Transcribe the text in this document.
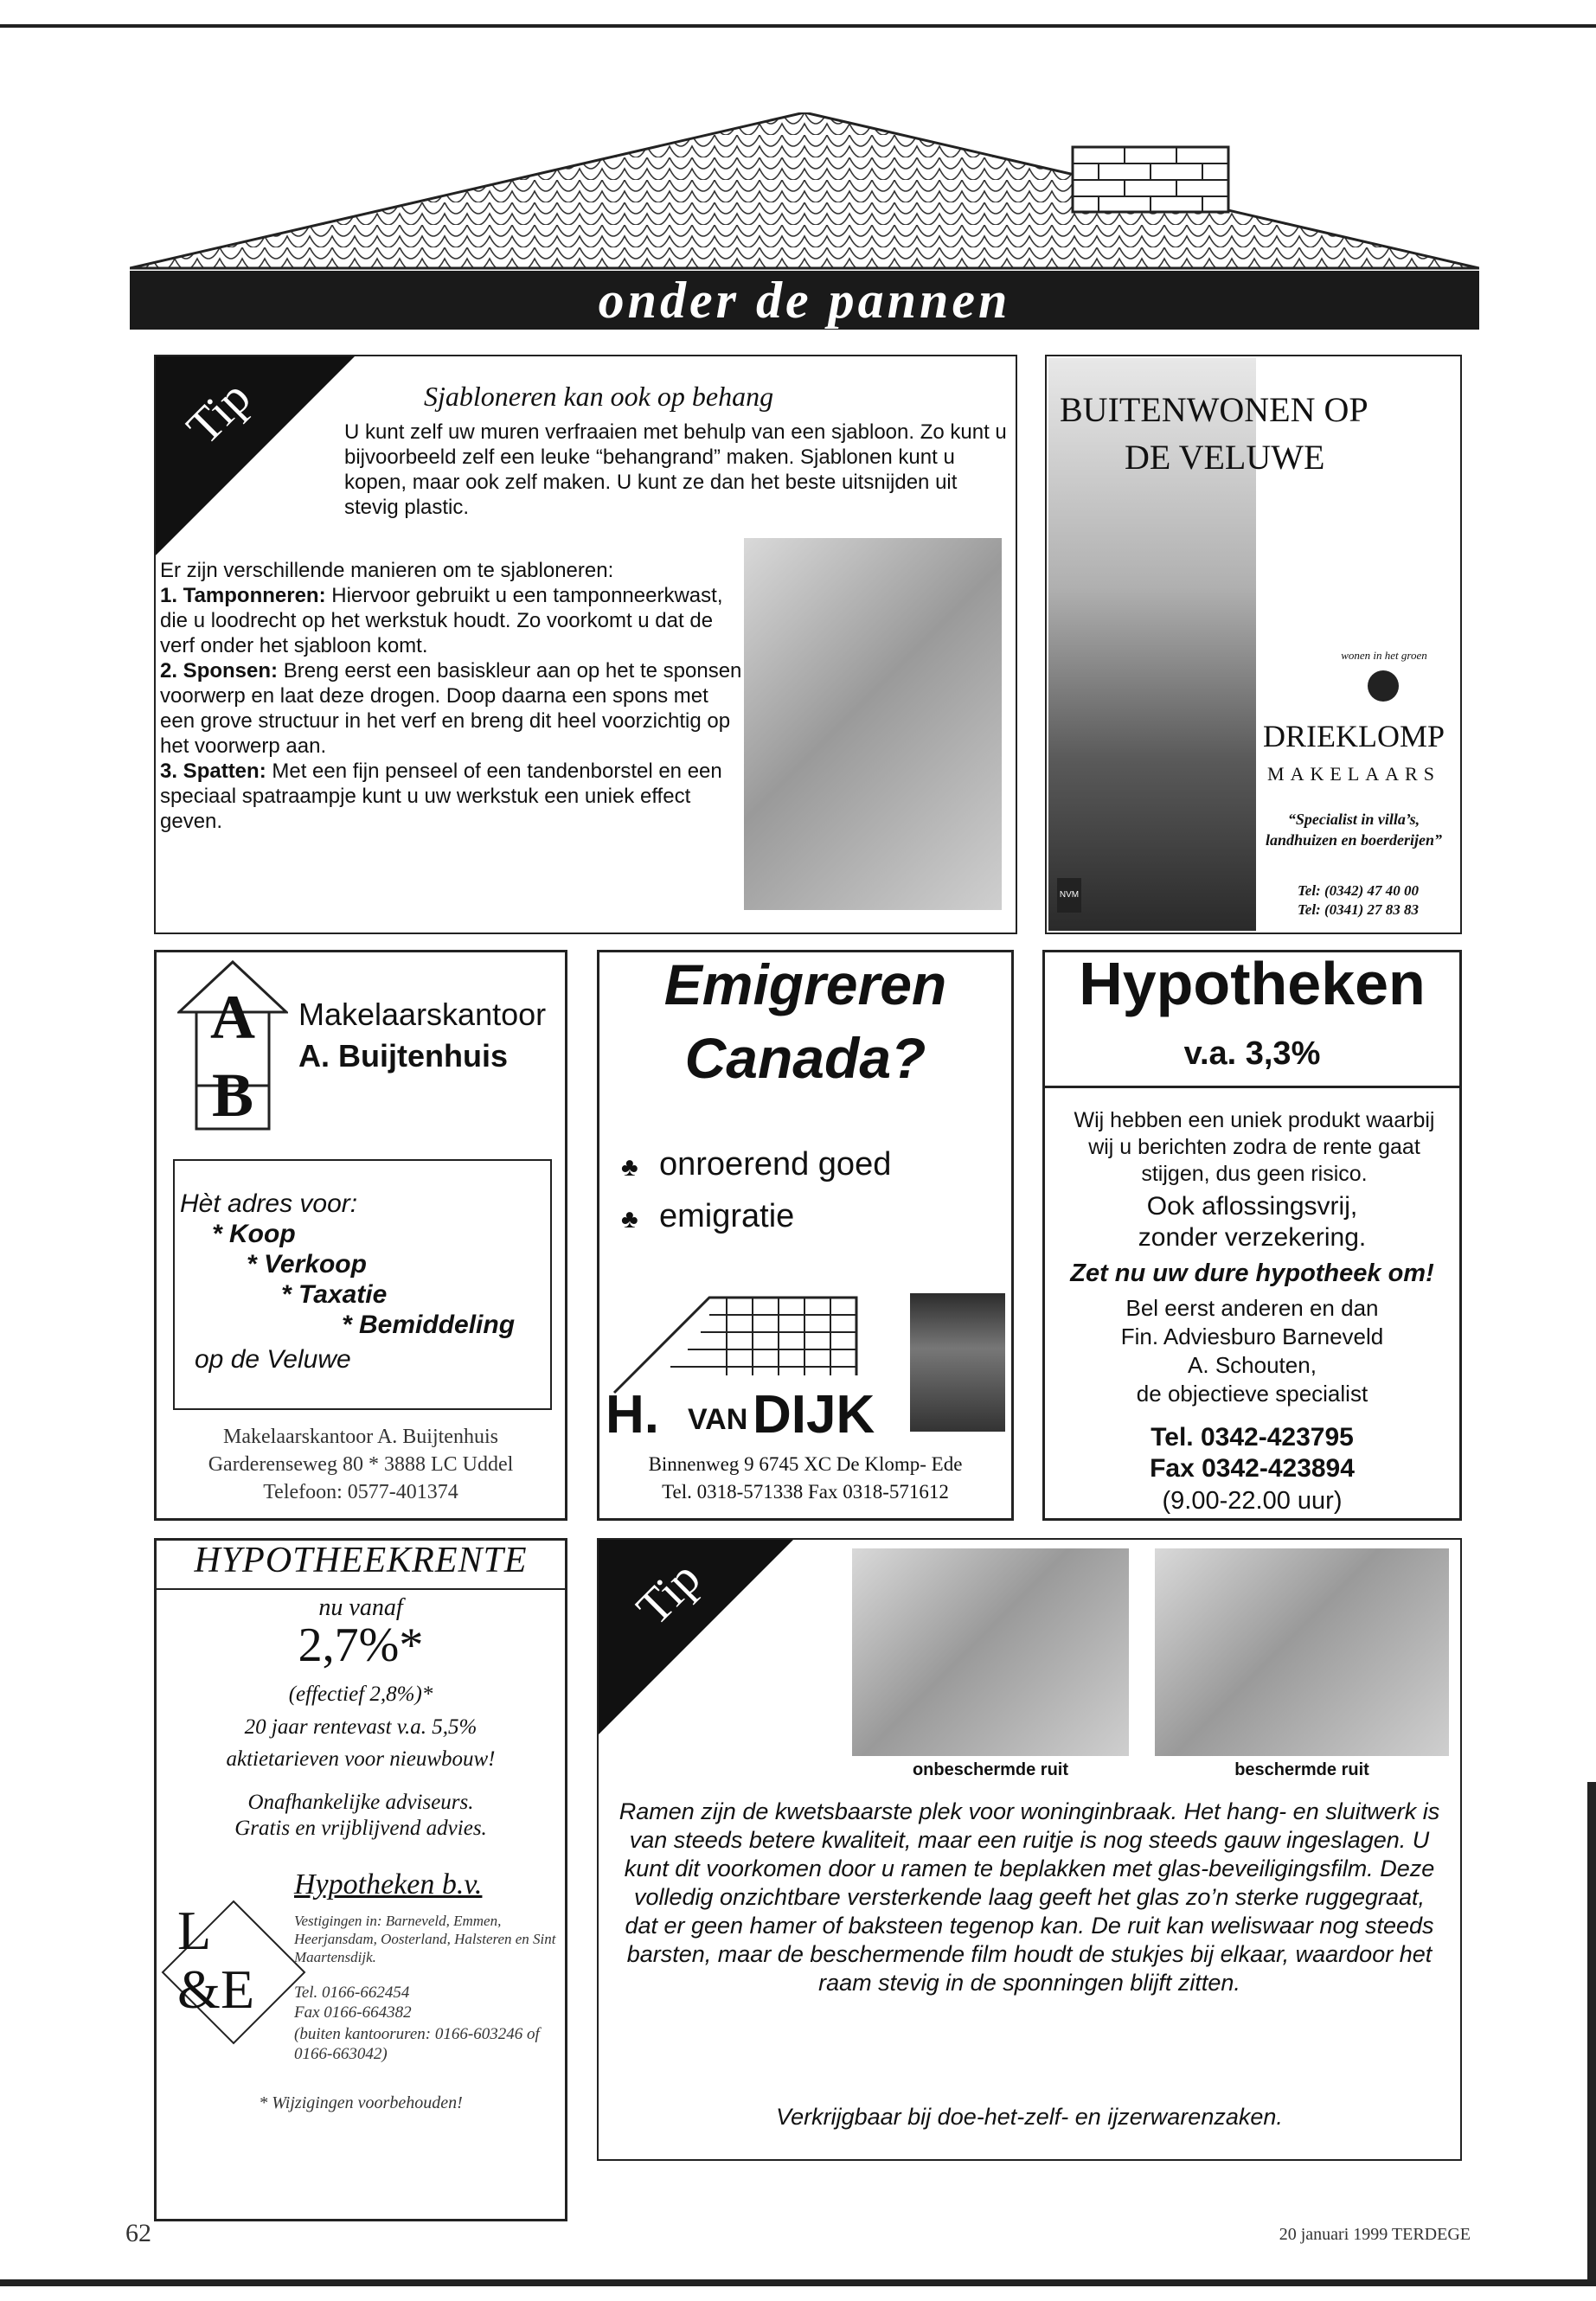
onder de pannen
Tip	Sjabloneren kan ook op behang
U kunt zelf uw muren verfraaien met behulp van een sjabloon. Zo kunt u bijvoorbeeld zelf een leuke “behangrand” maken. Sjablonen kunt u kopen, maar ook zelf maken. U kunt ze dan het beste uitsnijden uit stevig plastic.

Er zijn verschillende manieren om te sjabloneren:

1. Tamponneren: Hiervoor gebruikt u een tamponneerkwast, die u loodrecht op het werkstuk houdt. Zo voorkomt u dat de verf onder het sjabloon komt.

2. Sponsen: Breng eerst een basiskleur aan op het te sponsen voorwerp en laat deze drogen. Doop daarna een spons met een grove structuur in het verf en breng dit heel voorzichtig op het voorwerp aan.

3. Spatten: Met een fijn penseel of een tandenborstel en een speciaal spatraampje kunt u uw werkstuk een uniek effect geven.

BUITENWONEN OP
DE VELUWE
wonen in het groen
DRIEKLOMP
MAKELAARS
“Specialist in villa’s, landhuizen en boerderijen”
Tel: (0342) 47 40 00
Tel: (0341) 27 83 83
NVM
A
B
Makelaarskantoor
A. Buijtenhuis
Hèt adres voor:
* Koop
* Verkoop
* Taxatie
* Bemiddeling
op de Veluwe
Makelaarskantoor A. Buijtenhuis
Garderenseweg 80 * 3888 LC Uddel
Telefoon: 0577-401374
Emigreren
Canada?
♣ onroerend goed
♣ emigratie
H. VAN DIJK
Binnenweg 9 6745 XC De Klomp- Ede
Tel. 0318-571338 Fax 0318-571612
Hypotheken
v.a. 3,3%
Wij hebben een uniek produkt waarbij wij u berichten zodra de rente gaat stijgen, dus geen risico.
Ook aflossingsvrij,
zonder verzekering.
Zet nu uw dure hypotheek om!
Bel eerst anderen en dan
Fin. Adviesburo Barneveld
A. Schouten,
de objectieve specialist
Tel. 0342-423795
Fax 0342-423894
(9.00-22.00 uur)
HYPOTHEEKRENTE
nu vanaf
2,7%*
(effectief 2,8%)*
20 jaar rentevast v.a. 5,5%
aktietarieven voor nieuwbouw!
Onafhankelijke adviseurs.
Gratis en vrijblijvend advies.
L
& E
Hypotheken b.v.
Vestigingen in: Barneveld, Emmen, Heerjansdam, Oosterland, Halsteren en Sint Maartensdijk.
Tel. 0166-662454
Fax 0166-664382
(buiten kantooruren: 0166-603246 of 0166-663042)
* Wijzigingen voorbehouden!
Tip
onbeschermde ruit	beschermde ruit
Ramen zijn de kwetsbaarste plek voor woninginbraak. Het hang- en sluitwerk is van steeds betere kwaliteit, maar een ruitje is nog steeds gauw ingeslagen. U kunt dit voorkomen door u ramen te beplakken met glas-beveiligingsfilm. Deze volledig onzichtbare versterkende laag geeft het glas zo’n sterke ruggegraat, dat er geen hamer of baksteen tegenop kan. De ruit kan weliswaar nog steeds barsten, maar de beschermende film houdt de stukjes bij elkaar, waardoor het raam stevig in de sponningen blijft zitten.
Verkrijgbaar bij doe-het-zelf- en ijzerwarenzaken.
62	20 januari 1999 TERDEGE
